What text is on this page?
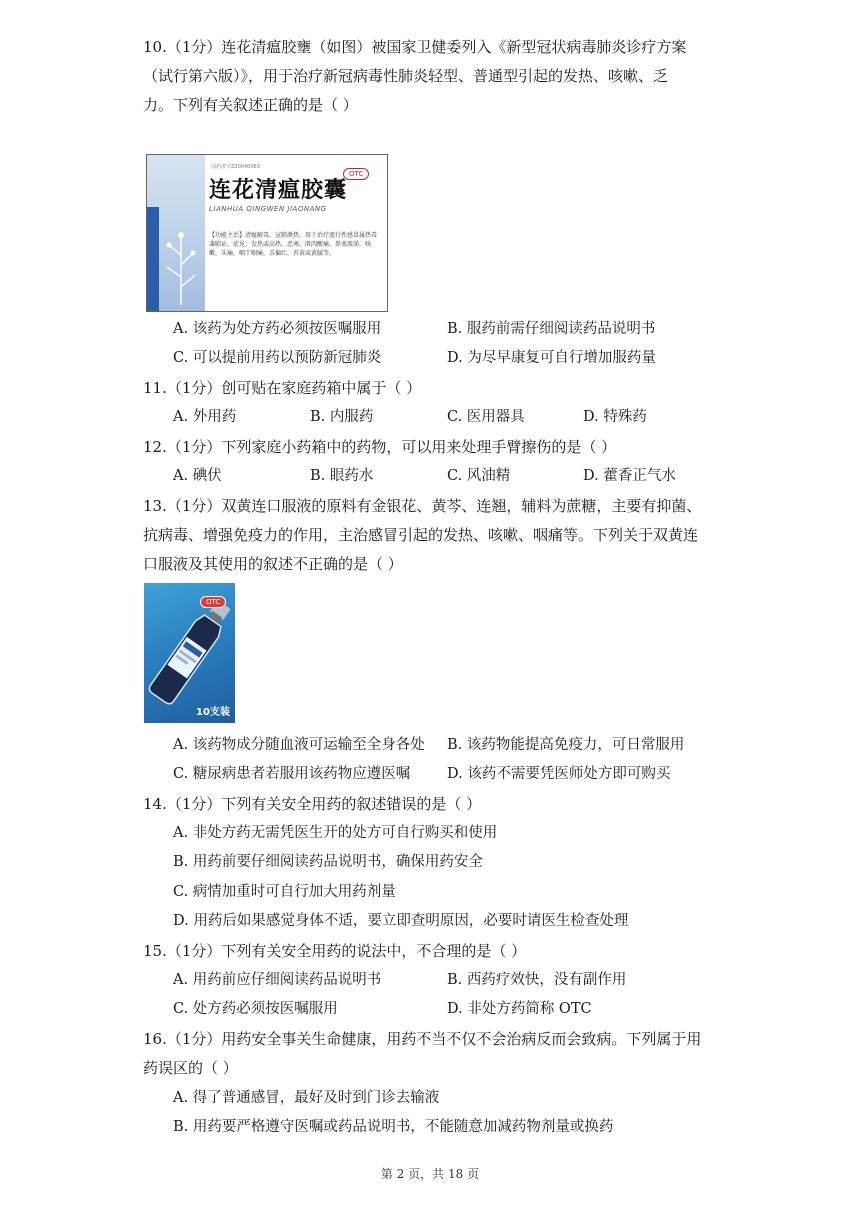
10.（1分）连花清瘟胶壅（如图）被国家卫健委列入《新型冠状病毒肺炎诊疗方案
（试行第六版）》，用于治疗新冠病毒性肺炎轻型、普通型引起的发热、咳嗽、乏
力。下列有关叙述正确的是（ ）
国药准字Z20040063
OTC
连花清瘟胶囊
LIANHUA QINGWEN JIAONANG
【功能主治】清瘟解毒，宣肺泄热。用于治疗流行性感冒属热毒袭肺证，症见：发热或高热，恶寒，肌肉酸痛，鼻塞流涕，咳嗽，头痛，咽干咽痛，舌偏红，苔黄或黄腻等。
A. 该药为处方药必须按医嘱服用	B. 服药前需仔细阅读药品说明书
C. 可以提前用药以预防新冠肺炎	D. 为尽早康复可自行增加服药量
11.（1分）创可贴在家庭药箱中属于（ ）
A. 外用药	B. 内服药	C. 医用器具	D. 特殊药
12.（1分）下列家庭小药箱中的药物，可以用来处理手臂擦伤的是（ ）
A. 碘伏	B. 眼药水	C. 风油精	D. 藿香正气水
13.（1分）双黄连口服液的原料有金银花、黄芩、连翘，辅料为蔗糖，主要有抑菌、
抗病毒、增强免疫力的作用，主治感冒引起的发热、咳嗽、咽痛等。下列关于双黄连
口服液及其使用的叙述不正确的是（ ）
OTC
10支装
A. 该药物成分随血液可运输至全身各处 B. 该药物能提高免疫力，可日常服用
C. 糖尿病患者若服用该药物应遵医嘱	D. 该药不需要凭医师处方即可购买
14.（1分）下列有关安全用药的叙述错误的是（ ）
A. 非处方药无需凭医生开的处方可自行购买和使用
B. 用药前要仔细阅读药品说明书，确保用药安全
C. 病情加重时可自行加大用药剂量
D. 用药后如果感觉身体不适，要立即查明原因，必要时请医生检查处理
15.（1分）下列有关安全用药的说法中，不合理的是（ ）
A. 用药前应仔细阅读药品说明书	B. 西药疗效快，没有副作用
C. 处方药必须按医嘱服用	D. 非处方药简称 OTC
16.（1分）用药安全事关生命健康，用药不当不仅不会治病反而会致病。下列属于用
药误区的（ ）
A. 得了普通感冒，最好及时到门诊去输液
B. 用药要严格遵守医嘱或药品说明书，不能随意加减药物剂量或换药
第 2 页，共 18 页
